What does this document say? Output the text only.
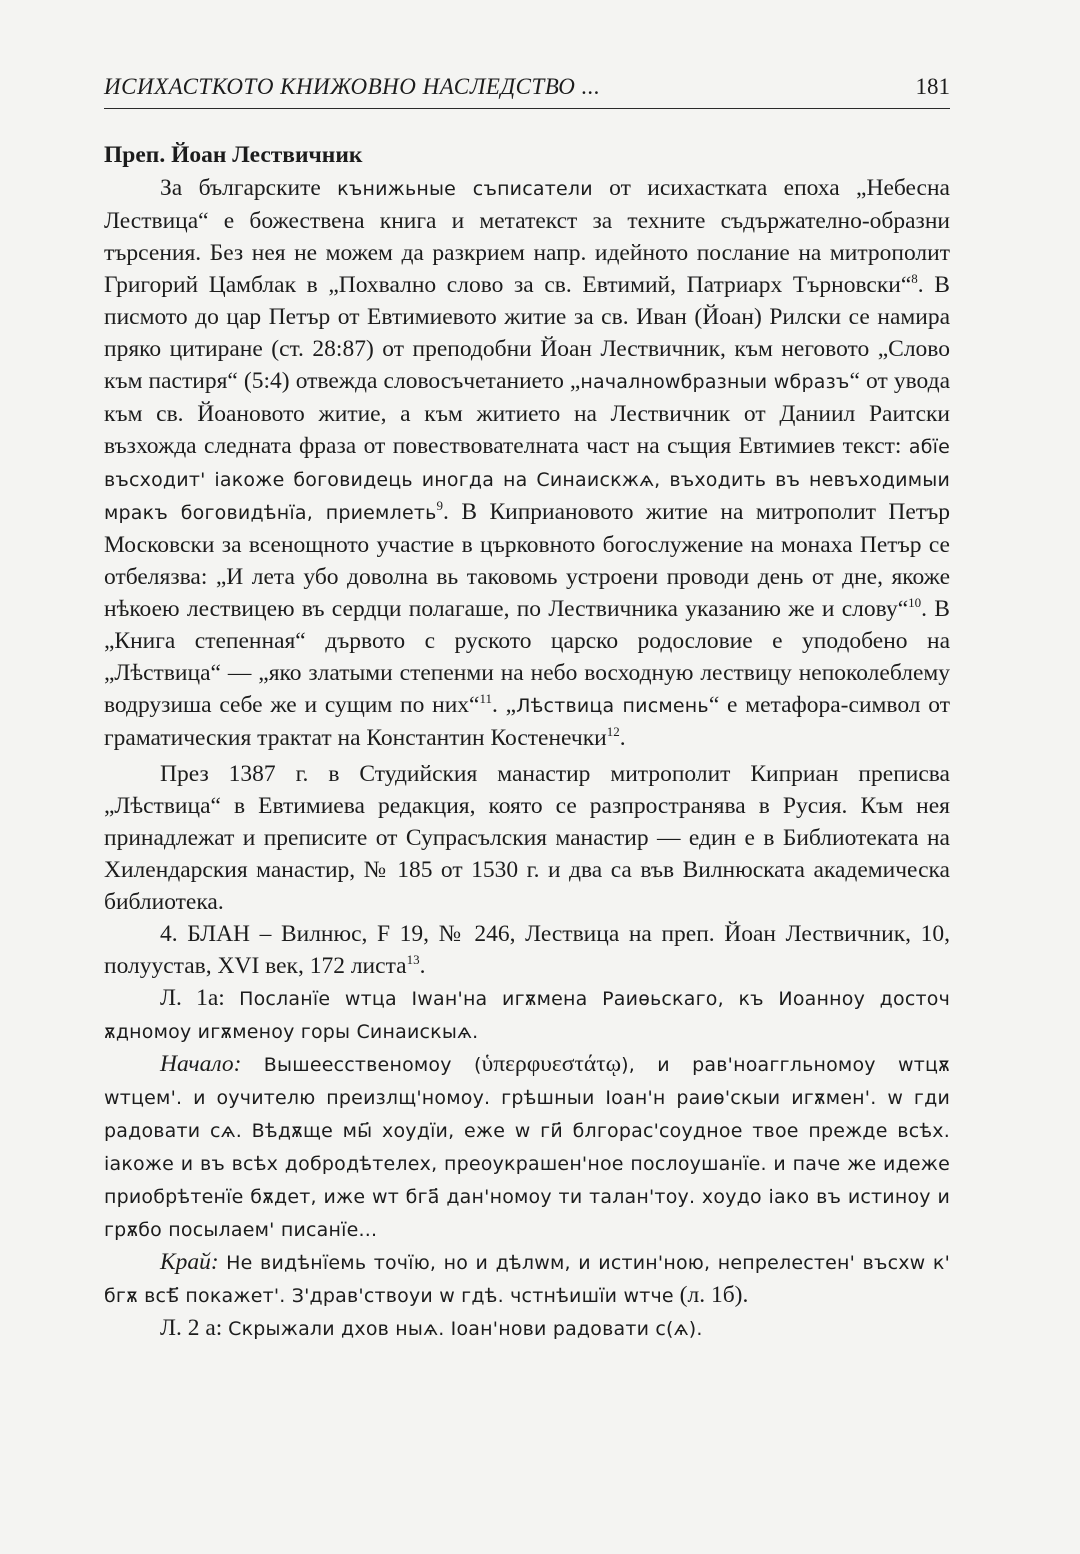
ИСИХАСТКОТО КНИЖОВНО НАСЛЕДСТВО ...	181
Преп. Йоан Лествичник

За българските кънижьные съписатели от исихастката епоха „Небесна Лествица“ е божествена книга и метатекст за техните съдържателно-образни търсения. Без нея не можем да разкрием напр. идейното послание на митрополит Григорий Цамблак в „Похвално слово за св. Евтимий, Патриарх Търновски“$^8$. В писмото до цар Петър от Евтимиевото житие за св. Иван (Йоан) Рилски се намира пряко цитиране (ст. 28:87) от преподобни Йоан Лествичник, към неговото „Слово към пастиря“ (5:4) отвежда словосъчетанието „началноwбразныи wбразъ“ от увода към св. Йоановото житие, а към житието на Лествичник от Даниил Раитски възхожда следната фраза от повествователната част на същия Евтимиев текст: абїе въсходит' іакоже боговидець иногда на Синаискжѧ, въходить въ невъходимыи мракъ боговидѣнїа, приемлеть$^9$. В Киприановото житие на митрополит Петър Московски за всенощното участие в църковното богослужение на монаха Петър се отбелязва: „И лета убо доволна вь таковомь устроени проводи день от дне, якоже нѣкоею лествицею въ сердци полагаше, по Лествичника указанию же и слову“$^{10}$. В „Книга степенная“ дървото с руското царско родословие е уподобено на „Лѣствица“ — „яко златыми степенми на небо восходную лествицу непоколеблему водрузиша себе же и сущим по них“$^{11}$. „Лѣствица писмень“ е метафора-символ от граматическия трактат на Константин Костенечки$^{12}$.

През 1387 г. в Студийския манастир митрополит Киприан преписва „Лѣствица“ в Евтимиева редакция, която се разпространява в Русия. Към нея принадлежат и преписите от Супрасълския манастир — един е в Библиотеката на Хилендарския манастир, № 185 от 1530 г. и два са във Вилнюската академическа библиотека.

4. БЛАН – Вилнюс, F 19, № 246, Лествица на преп. Йоан Лествичник, 10, полуустав, XVI век, 172 листа$^{13}$.

Л. 1а: Посланїе wтца Іwан'на игѫмена Раиѳьскаго, къ Иоанноу досточ ѫдномоу игѫменоу горы Синаискыѧ.

Начало: Вышеесственомоу (ὑπερφυεστάτῳ), и рав'ноаггльномоу wтцѫ wтцем'. и оучителю преизлщ'номоу. грѣшныи Іоан'н раиѳ'скыи игѫмен'. w гди радовати сѧ. Вѣдѫще мы҃ хоудїи, еже w ги҃ блгорас'соудное твое прежде всѣх. іакоже и въ всѣх добродѣтелех, преоукрашен'ное послоушанїе. и паче же идеже приобрѣтенїе бѫдет, иже wт бга҃ дан'номоу ти талан'тоу. хоудо іако въ истиноу и грѫбо посылаем' писанїе...

Край: Не видѣнїемь точїю, но и дѣлwм, и истин'ною, непрелестен' въсхw к' бгѫ всѣ҃ покажет'. З'драв'ствоуи w гдѣ. чстнѣишїи wтче (л. 1б).

Л. 2 а: Скрыжали дхов ныѧ. Іоан'нови радовати с(ѧ).
